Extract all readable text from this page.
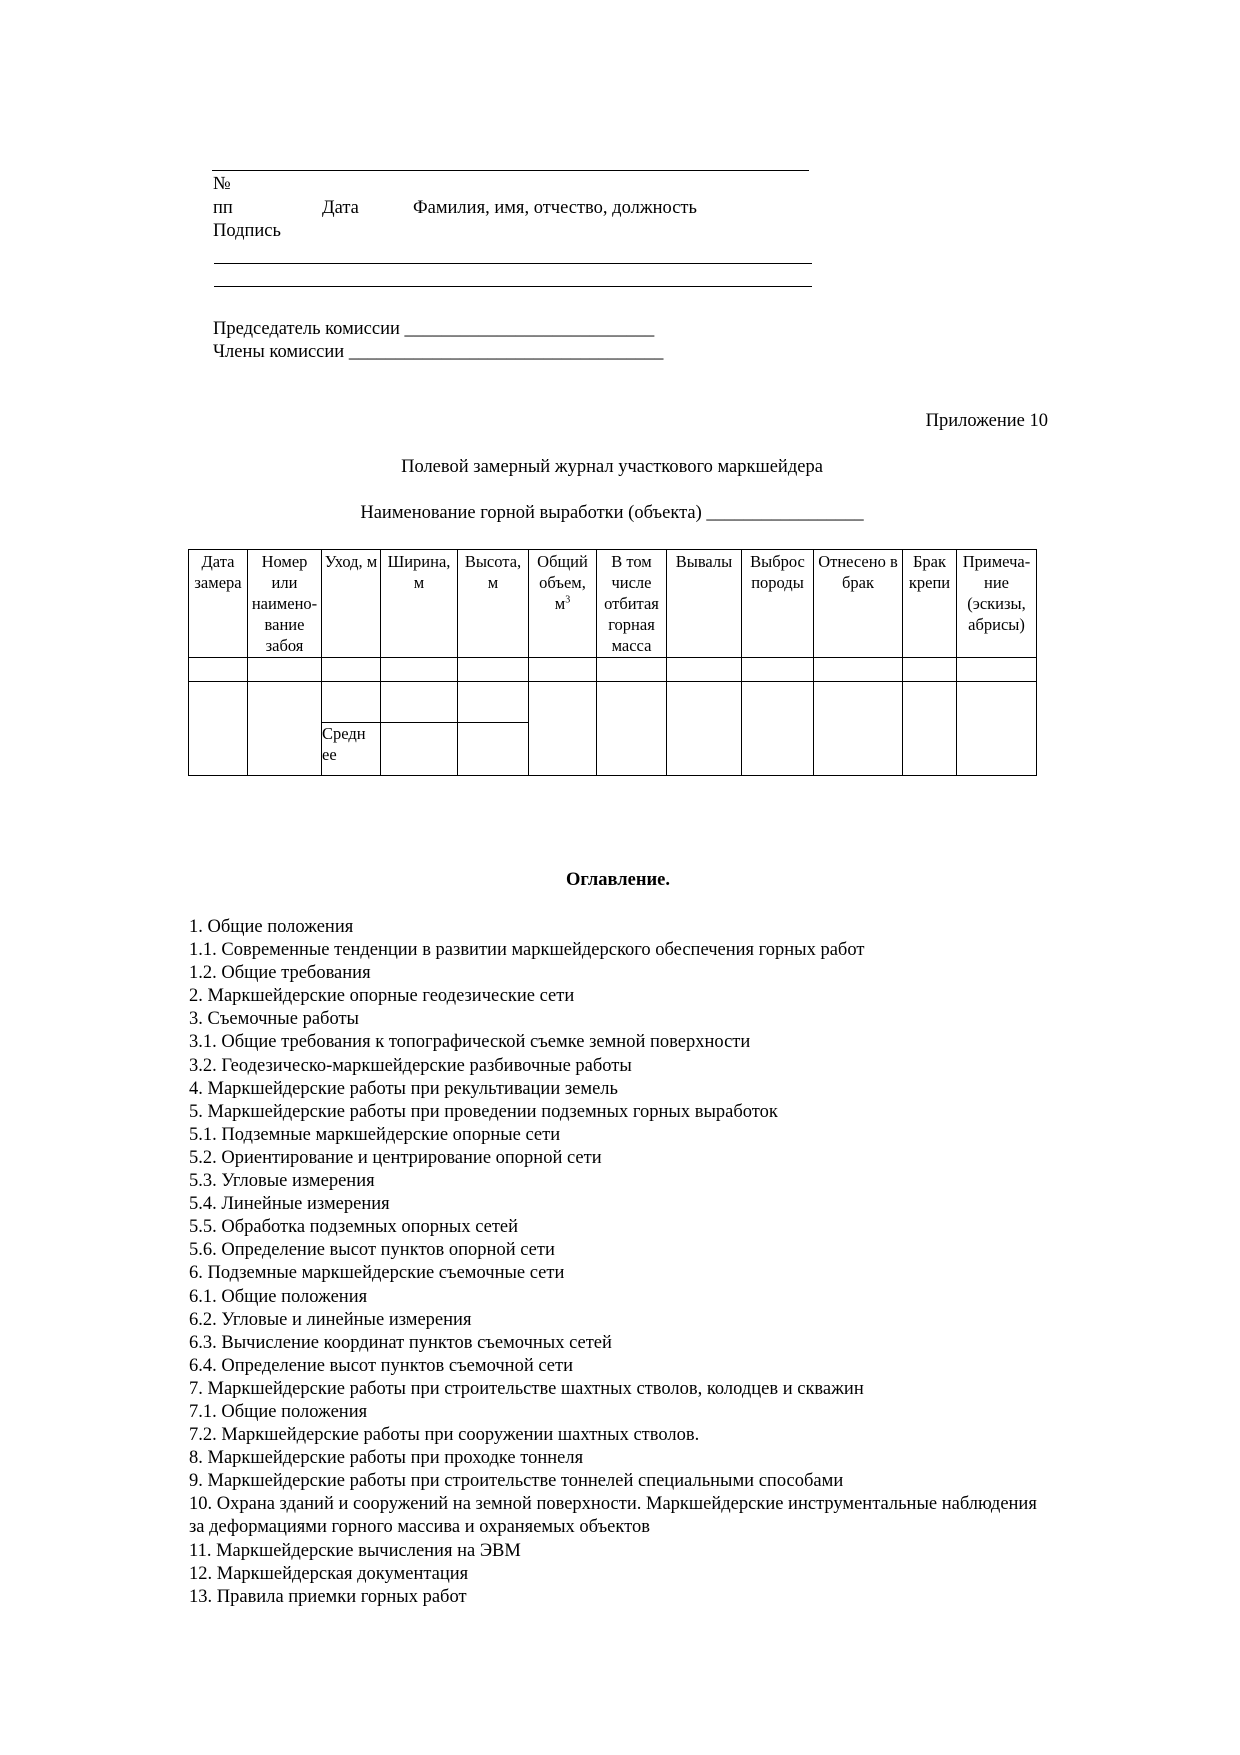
№
пп	Дата	Фамилия, имя, отчество, должность
Подпись
Председатель комиссии ___________________________
Члены комиссии __________________________________
Приложение 10
Полевой замерный журнал участкового маркшейдера
Наименование горной выработки (объекта) _________________
Дата замера	Номер или наименование забоя	Уход, м	Ширина, м	Высота, м	Общий объем, $м^3$	В том числе отбитая горная масса	Вывалы	Выброс породы	Отнесено в брак	Брак крепи	Примечание (эскизы, абрисы)

		Средн ее									

Оглавление.
1. Общие положения
1.1. Современные тенденции в развитии маркшейдерского обеспечения горных работ
1.2. Общие требования
2. Маркшейдерские опорные геодезические сети
3. Съемочные работы
3.1. Общие требования к топографической съемке земной поверхности
3.2. Геодезическо-маркшейдерские разбивочные работы
4. Маркшейдерские работы при рекультивации земель
5. Маркшейдерские работы при проведении подземных горных выработок
5.1. Подземные маркшейдерские опорные сети
5.2. Ориентирование и центрирование опорной сети
5.3. Угловые измерения
5.4. Линейные измерения
5.5. Обработка подземных опорных сетей
5.6. Определение высот пунктов опорной сети
6. Подземные маркшейдерские съемочные сети
6.1. Общие положения
6.2. Угловые и линейные измерения
6.3. Вычисление координат пунктов съемочных сетей
6.4. Определение высот пунктов съемочной сети
7. Маркшейдерские работы при строительстве шахтных стволов, колодцев и скважин
7.1. Общие положения
7.2. Маркшейдерские работы при сооружении шахтных стволов.
8. Маркшейдерские работы при проходке тоннеля
9. Маркшейдерские работы при строительстве тоннелей специальными способами
10. Охрана зданий и сооружений на земной поверхности. Маркшейдерские инструментальные наблюдения за деформациями горного массива и охраняемых объектов
11. Маркшейдерские вычисления на ЭВМ
12. Маркшейдерская документация
13. Правила приемки горных работ
